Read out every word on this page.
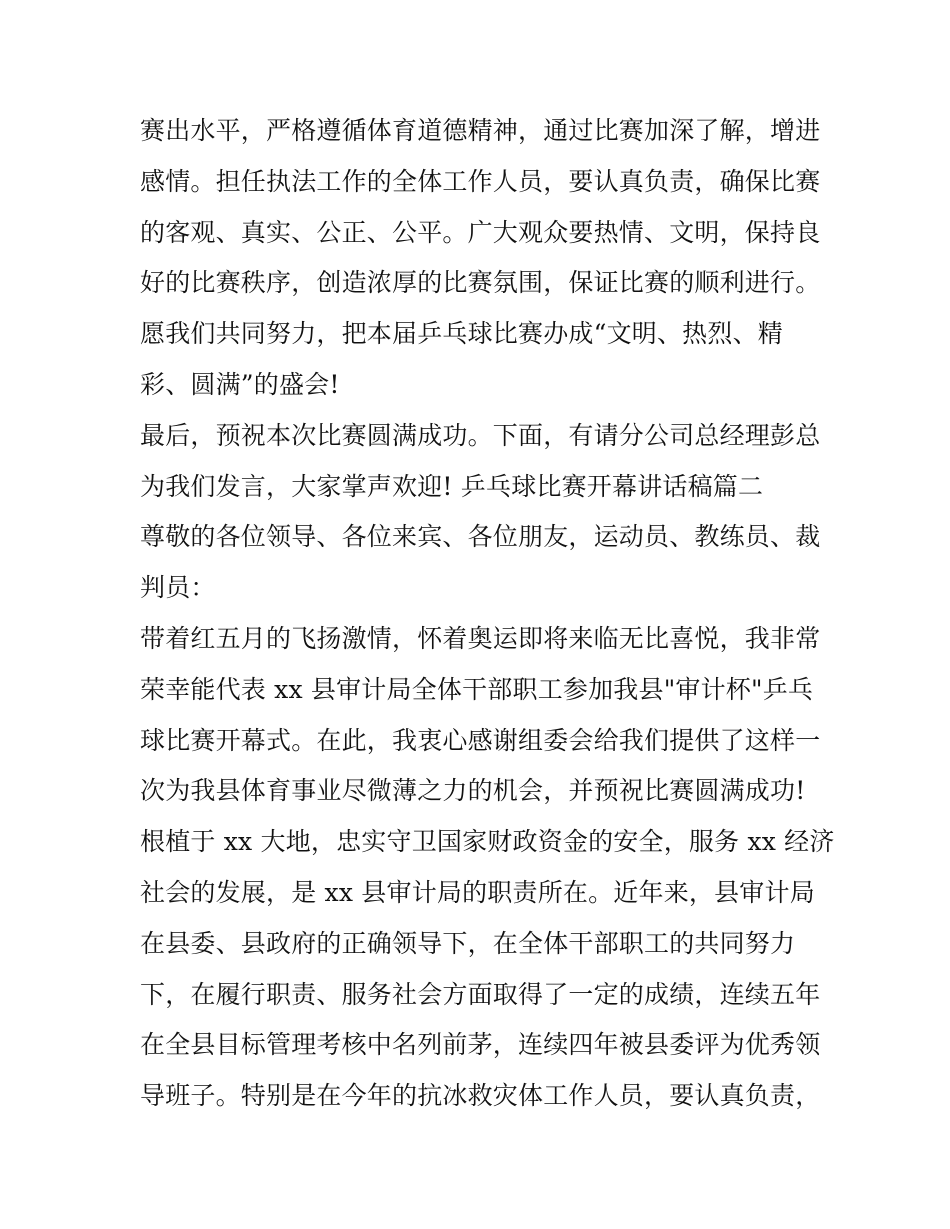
赛出水平，严格遵循体育道德精神，通过比赛加深了解，增进
感情。担任执法工作的全体工作人员，要认真负责，确保比赛
的客观、真实、公正、公平。广大观众要热情、文明，保持良
好的比赛秩序，创造浓厚的比赛氛围，保证比赛的顺利进行。
愿我们共同努力，把本届乒乓球比赛办成“文明、热烈、精
彩、圆满”的盛会!
最后，预祝本次比赛圆满成功。下面，有请分公司总经理彭总
为我们发言，大家掌声欢迎! 乒乓球比赛开幕讲话稿篇二
尊敬的各位领导、各位来宾、各位朋友，运动员、教练员、裁
判员：
带着红五月的飞扬激情，怀着奥运即将来临无比喜悦，我非常
荣幸能代表 xx 县审计局全体干部职工参加我县"审计杯"乒乓
球比赛开幕式。在此，我衷心感谢组委会给我们提供了这样一
次为我县体育事业尽微薄之力的机会，并预祝比赛圆满成功!
根植于 xx 大地，忠实守卫国家财政资金的安全，服务 xx 经济
社会的发展，是 xx 县审计局的职责所在。近年来，县审计局
在县委、县政府的正确领导下，在全体干部职工的共同努力
下，在履行职责、服务社会方面取得了一定的成绩，连续五年
在全县目标管理考核中名列前茅，连续四年被县委评为优秀领
导班子。特别是在今年的抗冰救灾体工作人员，要认真负责，
